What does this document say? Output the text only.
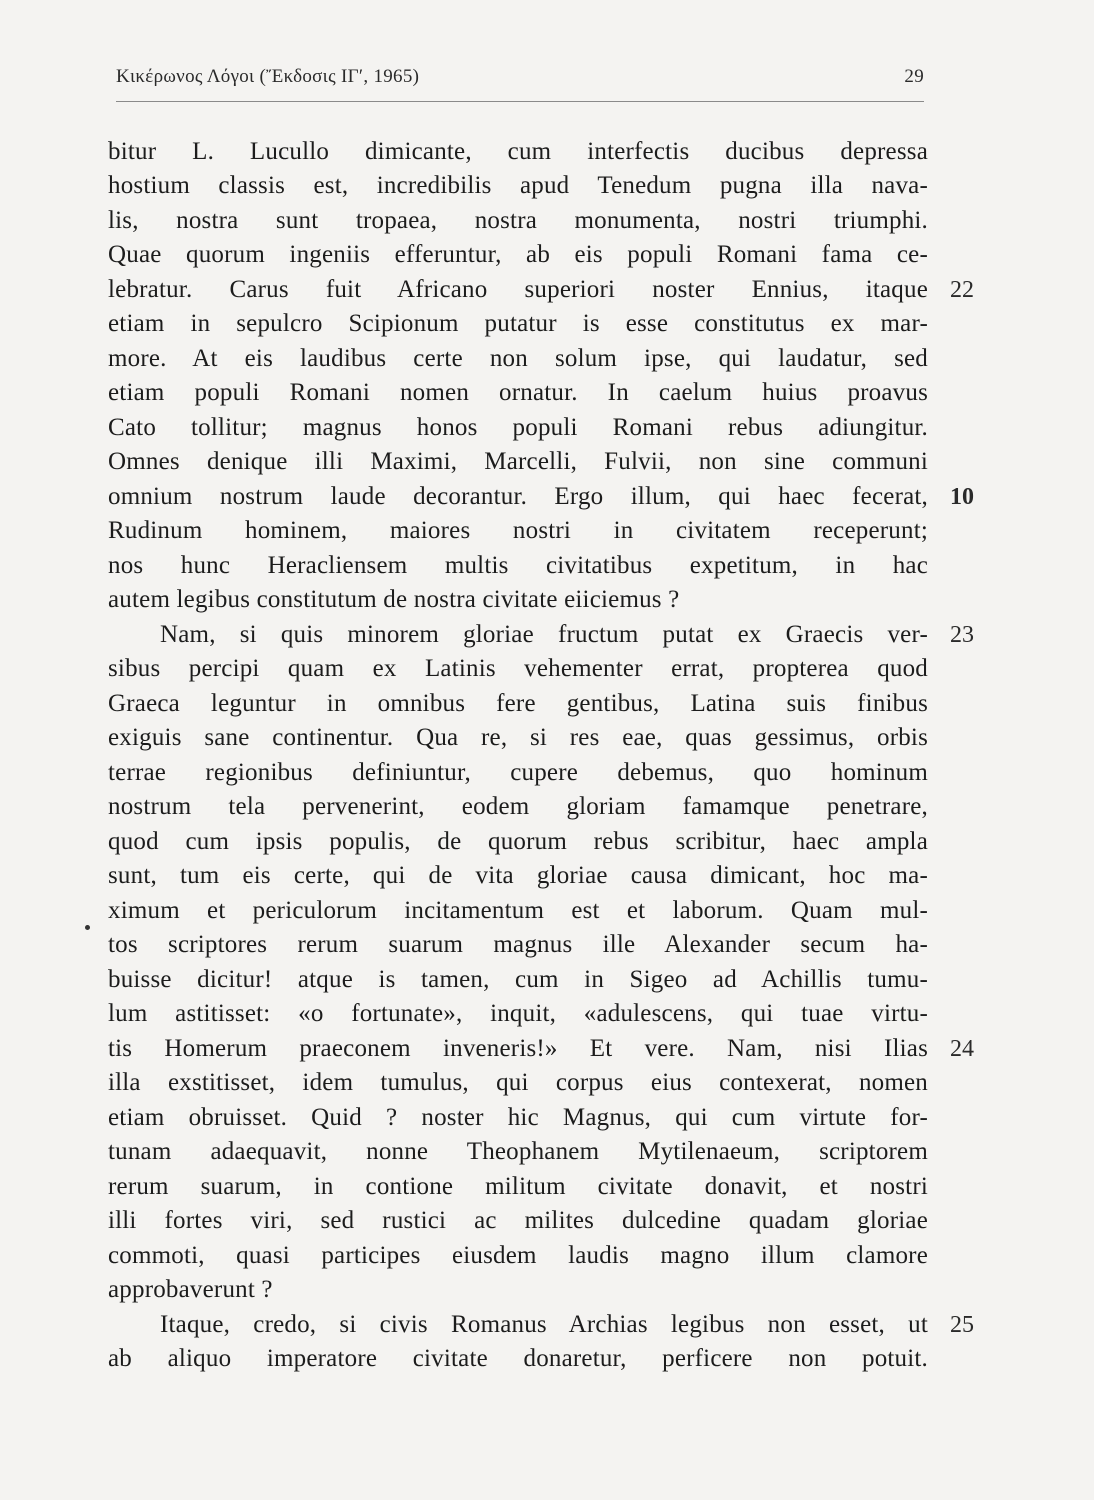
Κικέρωνος Λόγοι (Ἔκδοσις ΙΓʹ, 1965)	29
bitur L. Lucullo dimicante, cum interfectis ducibus depressa
hostium classis est, incredibilis apud Tenedum pugna illa nava-
lis, nostra sunt tropaea, nostra monumenta, nostri triumphi.
Quae quorum ingeniis efferuntur, ab eis populi Romani fama ce-
lebratur. Carus fuit Africano superiori noster Ennius, itaque
etiam in sepulcro Scipionum putatur is esse constitutus ex mar-
more. At eis laudibus certe non solum ipse, qui laudatur, sed
etiam populi Romani nomen ornatur. In caelum huius proavus
Cato tollitur; magnus honos populi Romani rebus adiungitur.
Omnes denique illi Maximi, Marcelli, Fulvii, non sine communi
omnium nostrum laude decorantur. Ergo illum, qui haec fecerat,
Rudinum hominem, maiores nostri in civitatem receperunt;
nos hunc Heracliensem multis civitatibus expetitum, in hac
autem legibus constitutum de nostra civitate eiiciemus ?
Nam, si quis minorem gloriae fructum putat ex Graecis ver-
sibus percipi quam ex Latinis vehementer errat, propterea quod
Graeca leguntur in omnibus fere gentibus, Latina suis finibus
exiguis sane continentur. Qua re, si res eae, quas gessimus, orbis
terrae regionibus definiuntur, cupere debemus, quo hominum
nostrum tela pervenerint, eodem gloriam famamque penetrare,
quod cum ipsis populis, de quorum rebus scribitur, haec ampla
sunt, tum eis certe, qui de vita gloriae causa dimicant, hoc ma-
ximum et periculorum incitamentum est et laborum. Quam mul-
tos scriptores rerum suarum magnus ille Alexander secum ha-
buisse dicitur! atque is tamen, cum in Sigeo ad Achillis tumu-
lum astitisset: «o fortunate», inquit, «adulescens, qui tuae virtu-
tis Homerum praeconem inveneris!» Et vere. Nam, nisi Ilias
illa exstitisset, idem tumulus, qui corpus eius contexerat, nomen
etiam obruisset. Quid ? noster hic Magnus, qui cum virtute for-
tunam adaequavit, nonne Theophanem Mytilenaeum, scriptorem
rerum suarum, in contione militum civitate donavit, et nostri
illi fortes viri, sed rustici ac milites dulcedine quadam gloriae
commoti, quasi participes eiusdem laudis magno illum clamore
approbaverunt ?
Itaque, credo, si civis Romanus Archias legibus non esset, ut
ab aliquo imperatore civitate donaretur, perficere non potuit.
22
10
23
24
25
